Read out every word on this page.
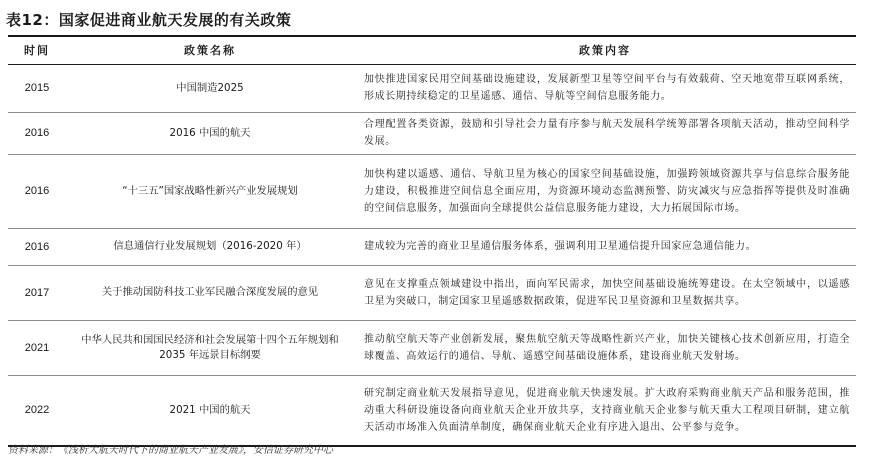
表12：国家促进商业航天发展的有关政策
时间	政策名称	政策内容
2015	中国制造2025	加快推进国家民用空间基础设施建设，发展新型卫星等空间平台与有效载荷、空天地宽带互联网系统，形成长期持续稳定的卫星遥感、通信、导航等空间信息服务能力。
2016	2016 中国的航天	合理配置各类资源，鼓励和引导社会力量有序参与航天发展科学统筹部署各项航天活动，推动空间科学发展。
2016	“十三五”国家战略性新兴产业发展规划	加快构建以遥感、通信、导航卫星为核心的国家空间基础设施，加强跨领域资源共享与信息综合服务能力建设，积极推进空间信息全面应用，为资源环境动态监测预警、防灾减灾与应急指挥等提供及时准确的空间信息服务，加强面向全球提供公益信息服务能力建设，大力拓展国际市场。
2016	信息通信行业发展规划（2016-2020 年）	建成较为完善的商业卫星通信服务体系，强调利用卫星通信提升国家应急通信能力。
2017	关于推动国防科技工业军民融合深度发展的意见	意见在支撑重点领域建设中指出，面向军民需求，加快空间基础设施统筹建设。在太空领域中，以遥感卫星为突破口，制定国家卫星遥感数据政策，促进军民卫星资源和卫星数据共享。
2021	中华人民共和国国民经济和社会发展第十四个五年规划和 2035 年远景目标纲要	推动航空航天等产业创新发展，聚焦航空航天等战略性新兴产业，加快关键核心技术创新应用，打造全球覆盖、高效运行的通信、导航、遥感空间基础设施体系，建设商业航天发射场。
2022	2021 中国的航天	研究制定商业航天发展指导意见，促进商业航天快速发展。扩大政府采购商业航天产品和服务范围，推动重大科研设施设备向商业航天企业开放共享，支持商业航天企业参与航天重大工程项目研制，建立航天活动市场准入负面清单制度，确保商业航天企业有序进入退出、公平参与竞争。
资料来源：《浅析大航天时代下的商业航天产业发展》，安信证券研究中心
